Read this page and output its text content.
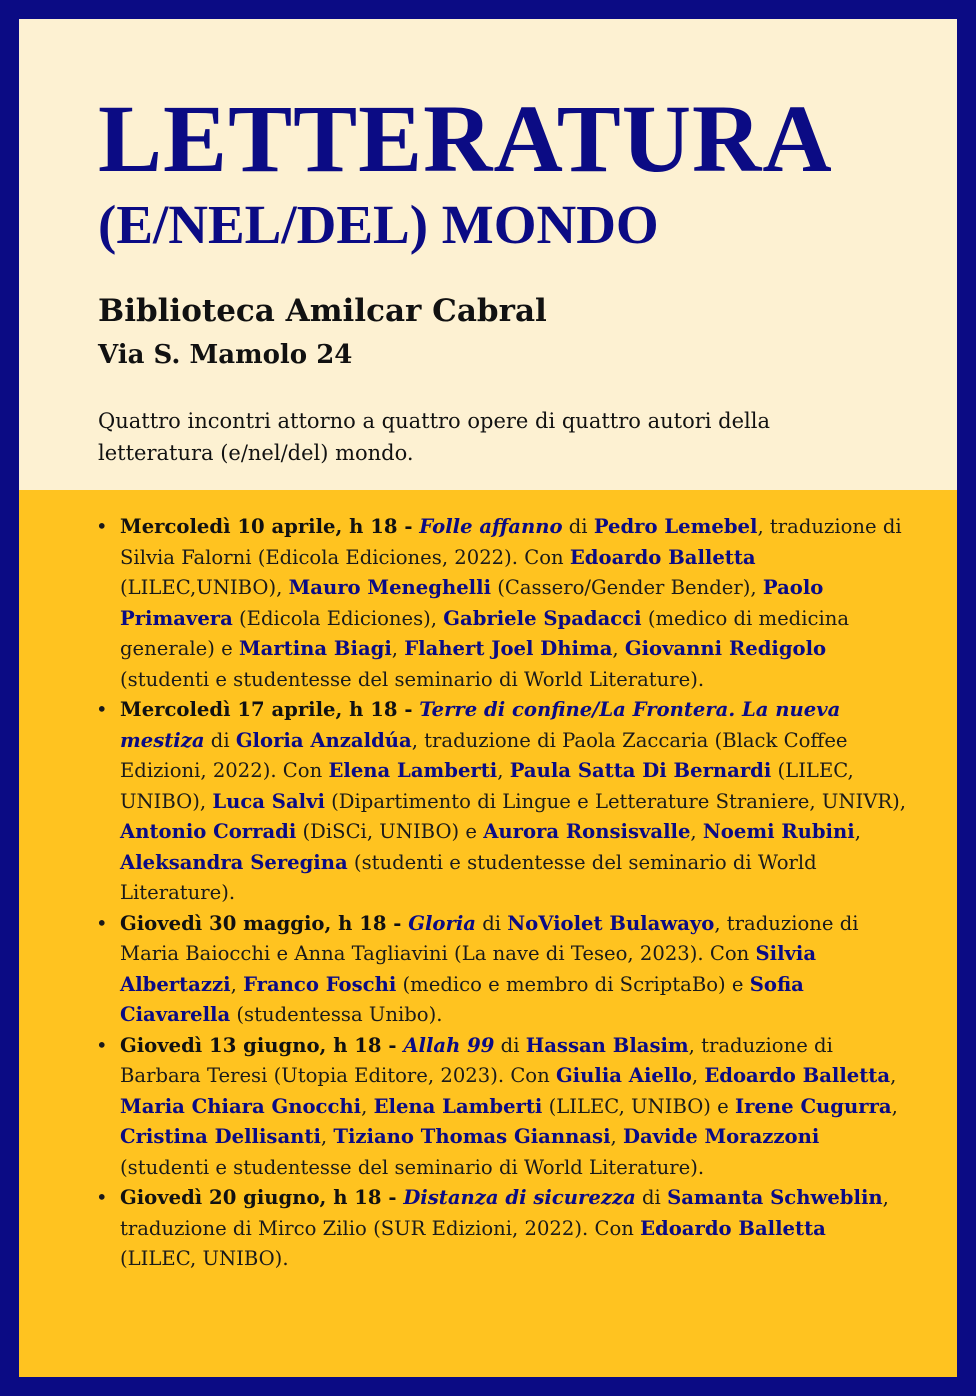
LETTERATURA
(E/NEL/DEL) MONDO

Biblioteca Amilcar Cabral

Via S. Mamolo 24

Quattro incontri attorno a quattro opere di quattro autori della letteratura (e/nel/del) mondo.

• Mercoledì 10 aprile, h 18 - Folle affanno di Pedro Lemebel, traduzione di Silvia Falorni (Edicola Ediciones, 2022). Con Edoardo Balletta (LILEC,UNIBO), Mauro Meneghelli (Cassero/Gender Bender), Paolo Primavera (Edicola Ediciones), Gabriele Spadacci (medico di medicina generale) e Martina Biagi, Flahert Joel Dhima, Giovanni Redigolo (studenti e studentesse del seminario di World Literature).
• Mercoledì 17 aprile, h 18 - Terre di confine/La Frontera. La nueva mestiza di Gloria Anzaldúa, traduzione di Paola Zaccaria (Black Coffee Edizioni, 2022). Con Elena Lamberti, Paula Satta Di Bernardi (LILEC, UNIBO), Luca Salvi (Dipartimento di Lingue e Letterature Straniere, UNIVR), Antonio Corradi (DiSCi, UNIBO) e Aurora Ronsisvalle, Noemi Rubini, Aleksandra Seregina (studenti e studentesse del seminario di World Literature).
• Giovedì 30 maggio, h 18 - Gloria di NoViolet Bulawayo, traduzione di Maria Baiocchi e Anna Tagliavini (La nave di Teseo, 2023). Con Silvia Albertazzi, Franco Foschi (medico e membro di ScriptaBo) e Sofia Ciavarella (studentessa Unibo).
• Giovedì 13 giugno, h 18 - Allah 99 di Hassan Blasim, traduzione di Barbara Teresi (Utopia Editore, 2023). Con Giulia Aiello, Edoardo Balletta, Maria Chiara Gnocchi, Elena Lamberti (LILEC, UNIBO) e Irene Cugurra, Cristina Dellisanti, Tiziano Thomas Giannasi, Davide Morazzoni (studenti e studentesse del seminario di World Literature).
• Giovedì 20 giugno, h 18 - Distanza di sicurezza di Samanta Schweblin, traduzione di Mirco Zilio (SUR Edizioni, 2022). Con Edoardo Balletta (LILEC, UNIBO).
